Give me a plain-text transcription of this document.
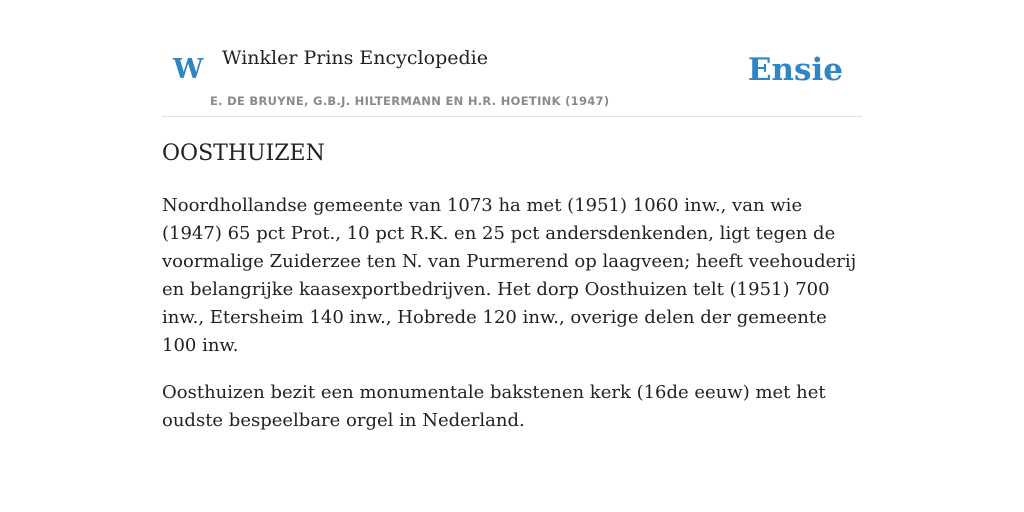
W Winkler Prins Encyclopedie
E. DE BRUYNE, G.B.J. HILTERMANN EN H.R. HOETINK (1947)
Ensie
OOSTHUIZEN

Noordhollandse gemeente van 1073 ha met (1951) 1060 inw., van wie (1947) 65 pct Prot., 10 pct R.K. en 25 pct andersdenkenden, ligt tegen de voormalige Zuiderzee ten N. van Purmerend op laagveen; heeft veehouderij en belangrijke kaasexportbedrijven. Het dorp Oosthuizen telt (1951) 700 inw., Etersheim 140 inw., Hobrede 120 inw., overige delen der gemeente 100 inw.

Oosthuizen bezit een monumentale bakstenen kerk (16de eeuw) met het oudste bespeelbare orgel in Nederland.
